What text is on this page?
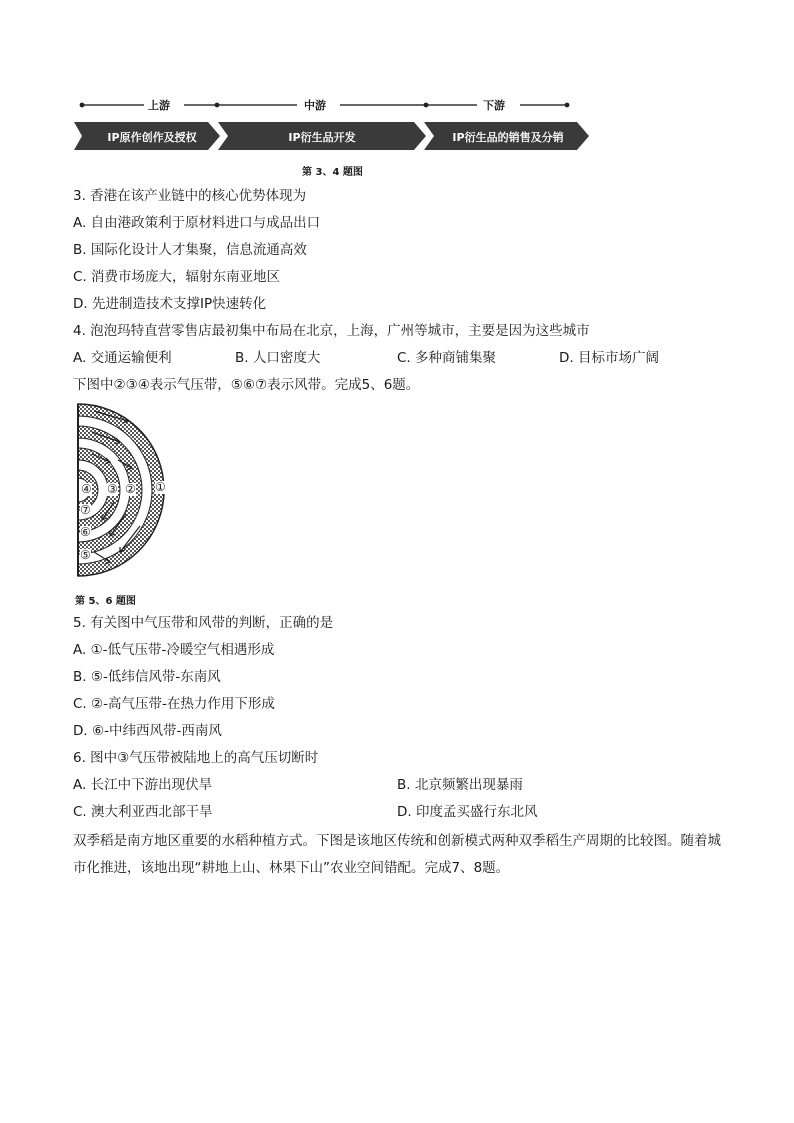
上游	中游	下游
IP原作创作及授权	IP衍生品开发	IP衍生品的销售及分销
第 3、4 题图
3. 香港在该产业链中的核心优势体现为
A. 自由港政策利于原材料进口与成品出口
B. 国际化设计人才集聚，信息流通高效
C. 消费市场庞大，辐射东南亚地区
D. 先进制造技术支撑IP快速转化
4. 泡泡玛特直营零售店最初集中布局在北京，上海，广州等城市，主要是因为这些城市
A. 交通运输便利	B. 人口密度大	C. 多种商铺集聚	D. 目标市场广阔
下图中②③④表示气压带，⑤⑥⑦表示风带。完成5、6题。
①
②
③
④
⑤
⑥
⑦
第 5、6 题图
5. 有关图中气压带和风带的判断，正确的是
A. ①-低气压带-冷暖空气相遇形成
B. ⑤-低纬信风带-东南风
C. ②-高气压带-在热力作用下形成
D. ⑥-中纬西风带-西南风
6. 图中③气压带被陆地上的高气压切断时
A. 长江中下游出现伏旱	B. 北京频繁出现暴雨
C. 澳大利亚西北部干旱	D. 印度孟买盛行东北风
双季稻是南方地区重要的水稻种植方式。下图是该地区传统和创新模式两种双季稻生产周期的比较图。随着城市化推进，该地出现“耕地上山、林果下山”农业空间错配。完成7、8题。
